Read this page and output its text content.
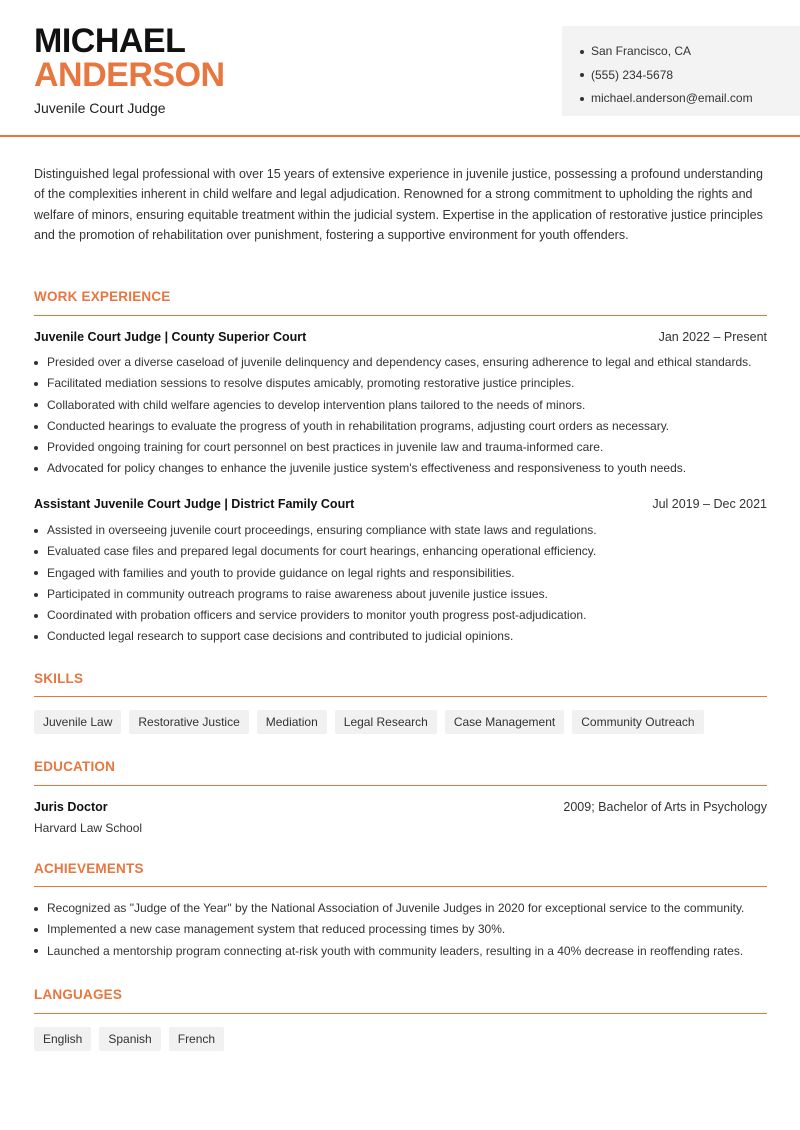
MICHAEL
ANDERSON
Juvenile Court Judge
San Francisco, CA
(555) 234-5678
michael.anderson@email.com

Distinguished legal professional with over 15 years of extensive experience in juvenile justice, possessing a profound understanding of the complexities inherent in child welfare and legal adjudication. Renowned for a strong commitment to upholding the rights and welfare of minors, ensuring equitable treatment within the judicial system. Expertise in the application of restorative justice principles and the promotion of rehabilitation over punishment, fostering a supportive environment for youth offenders.

WORK EXPERIENCE
Juvenile Court Judge | County Superior Court	Jan 2022 – Present
Presided over a diverse caseload of juvenile delinquency and dependency cases, ensuring adherence to legal and ethical standards.
Facilitated mediation sessions to resolve disputes amicably, promoting restorative justice principles.
Collaborated with child welfare agencies to develop intervention plans tailored to the needs of minors.
Conducted hearings to evaluate the progress of youth in rehabilitation programs, adjusting court orders as necessary.
Provided ongoing training for court personnel on best practices in juvenile law and trauma-informed care.
Advocated for policy changes to enhance the juvenile justice system's effectiveness and responsiveness to youth needs.
Assistant Juvenile Court Judge | District Family Court	Jul 2019 – Dec 2021
Assisted in overseeing juvenile court proceedings, ensuring compliance with state laws and regulations.
Evaluated case files and prepared legal documents for court hearings, enhancing operational efficiency.
Engaged with families and youth to provide guidance on legal rights and responsibilities.
Participated in community outreach programs to raise awareness about juvenile justice issues.
Coordinated with probation officers and service providers to monitor youth progress post-adjudication.
Conducted legal research to support case decisions and contributed to judicial opinions.
SKILLS
Juvenile Law	Restorative Justice	Mediation	Legal Research	Case Management	Community Outreach
EDUCATION
Juris Doctor	2009; Bachelor of Arts in Psychology
Harvard Law School
ACHIEVEMENTS
Recognized as "Judge of the Year" by the National Association of Juvenile Judges in 2020 for exceptional service to the community.
Implemented a new case management system that reduced processing times by 30%.
Launched a mentorship program connecting at-risk youth with community leaders, resulting in a 40% decrease in reoffending rates.
LANGUAGES
English	Spanish	French
